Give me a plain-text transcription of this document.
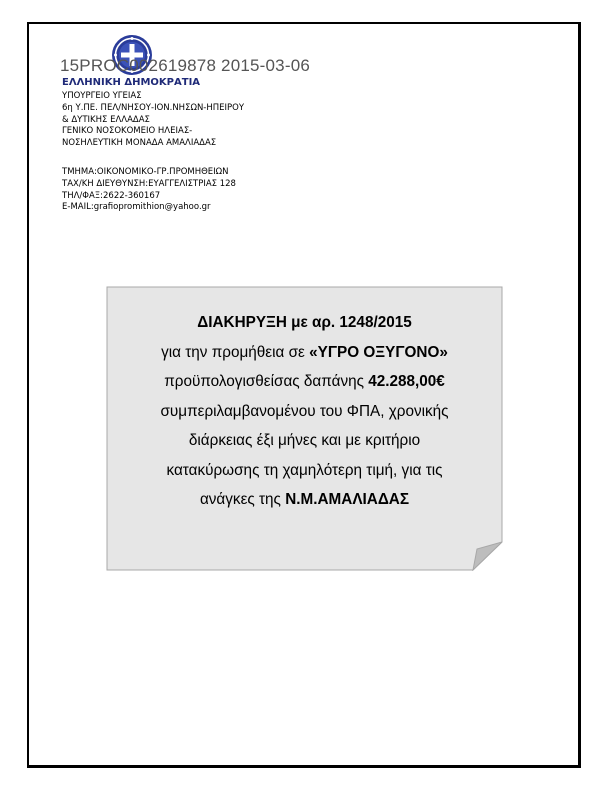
15PROC002619878 2015-03-06
ΕΛΛΗΝΙΚΗ ΔΗΜΟΚΡΑΤΙΑ
ΥΠΟΥΡΓΕΙΟ ΥΓΕΙΑΣ
6η Υ.ΠΕ. ΠΕΛ/ΝΗΣΟΥ-ΙΟΝ.ΝΗΣΩΝ-ΗΠΕΙΡΟΥ
& ΔΥΤΙΚΗΣ ΕΛΛΑΔΑΣ
ΓΕΝΙΚΟ ΝΟΣΟΚΟΜΕΙΟ ΗΛΕΙΑΣ-
ΝΟΣΗΛΕΥΤΙΚΗ ΜΟΝΑΔΑ ΑΜΑΛΙΑΔΑΣ
ΤΜΗΜΑ:ΟΙΚΟΝΟΜΙΚΟ-ΓΡ.ΠΡΟΜΗΘΕΙΩΝ
ΤΑΧ/ΚΗ ΔΙΕΥΘΥΝΣΗ:ΕΥΑΓΓΕΛΙΣΤΡΙΑΣ 128
ΤΗΛ/ΦΑΞ:2622-360167
E-MAIL:grafiopromithion@yahoo.gr
ΔΙΑΚΗΡΥΞΗ με αρ. 1248/2015
για την προμήθεια σε «ΥΓΡΟ ΟΞΥΓΟΝΟ»
προϋπολογισθείσας δαπάνης 42.288,00€
συμπεριλαμβανομένου του ΦΠΑ, χρονικής
διάρκειας έξι μήνες και με κριτήριο
κατακύρωσης τη χαμηλότερη τιμή, για τις
ανάγκες της Ν.Μ.ΑΜΑΛΙΑΔΑΣ
